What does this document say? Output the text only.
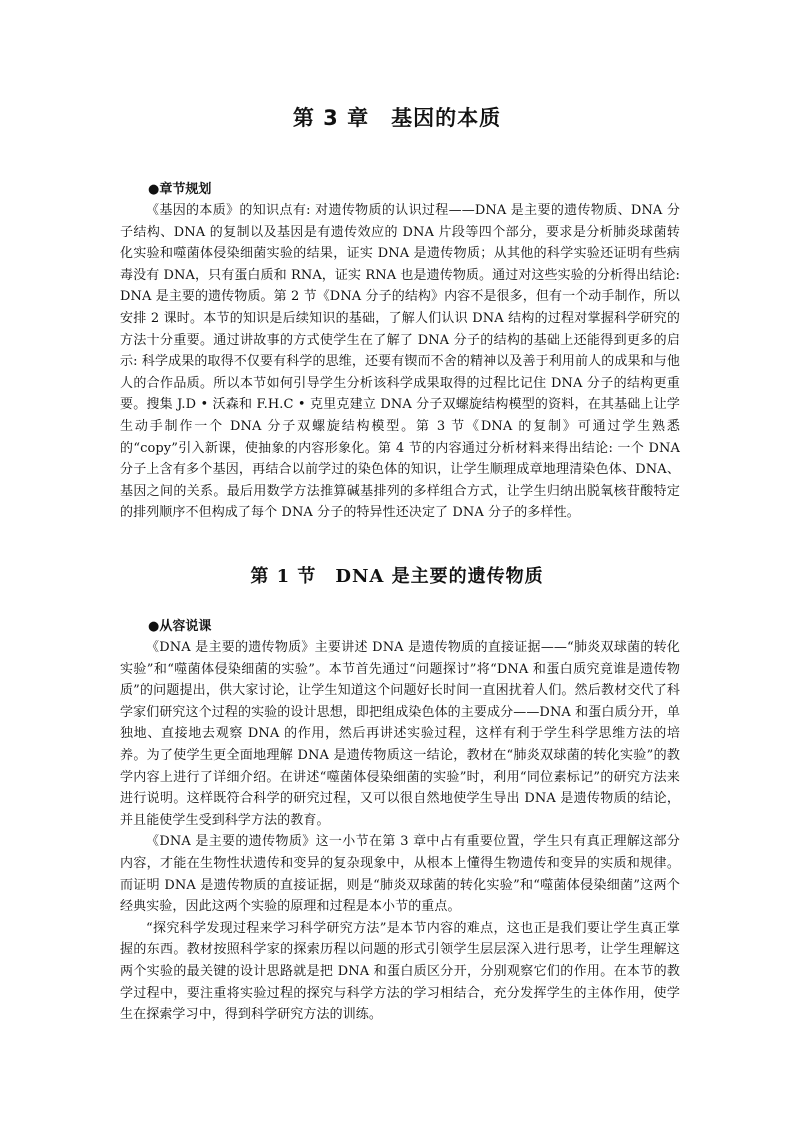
第 3 章　基因的本质

●章节规划

《基因的本质》的知识点有: 对遗传物质的认识过程——DNA 是主要的遗传物质、DNA 分子结构、DNA 的复制以及基因是有遗传效应的 DNA 片段等四个部分，要求是分析肺炎球菌转化实验和噬菌体侵染细菌实验的结果，证实 DNA 是遗传物质；从其他的科学实验还证明有些病毒没有 DNA，只有蛋白质和 RNA，证实 RNA 也是遗传物质。通过对这些实验的分析得出结论: DNA 是主要的遗传物质。第 2 节《DNA 分子的结构》内容不是很多，但有一个动手制作，所以安排 2 课时。本节的知识是后续知识的基础，了解人们认识 DNA 结构的过程对掌握科学研究的方法十分重要。通过讲故事的方式使学生在了解了 DNA 分子的结构的基础上还能得到更多的启示: 科学成果的取得不仅要有科学的思维，还要有锲而不舍的精神以及善于利用前人的成果和与他人的合作品质。所以本节如何引导学生分析该科学成果取得的过程比记住 DNA 分子的结构更重要。搜集 J.D • 沃森和 F.H.C • 克里克建立 DNA 分子双螺旋结构模型的资料，在其基础上让学生动手制作一个 DNA 分子双螺旋结构模型。第 3 节《DNA 的复制》可通过学生熟悉的“copy”引入新课，使抽象的内容形象化。第 4 节的内容通过分析材料来得出结论: 一个 DNA 分子上含有多个基因，再结合以前学过的染色体的知识，让学生顺理成章地理清染色体、DNA、基因之间的关系。最后用数学方法推算碱基排列的多样组合方式，让学生归纳出脱氧核苷酸特定的排列顺序不但构成了每个 DNA 分子的特异性还决定了 DNA 分子的多样性。

第 1 节　DNA 是主要的遗传物质

●从容说课

《DNA 是主要的遗传物质》主要讲述 DNA 是遗传物质的直接证据——“肺炎双球菌的转化实验”和“噬菌体侵染细菌的实验”。本节首先通过“问题探讨”将“DNA 和蛋白质究竟谁是遗传物质”的问题提出，供大家讨论，让学生知道这个问题好长时间一直困扰着人们。然后教材交代了科学家们研究这个过程的实验的设计思想，即把组成染色体的主要成分——DNA 和蛋白质分开，单独地、直接地去观察 DNA 的作用，然后再讲述实验过程，这样有利于学生科学思维方法的培养。为了使学生更全面地理解 DNA 是遗传物质这一结论，教材在“肺炎双球菌的转化实验”的教学内容上进行了详细介绍。在讲述“噬菌体侵染细菌的实验”时，利用“同位素标记”的研究方法来进行说明。这样既符合科学的研究过程，又可以很自然地使学生导出 DNA 是遗传物质的结论，并且能使学生受到科学方法的教育。

《DNA 是主要的遗传物质》这一小节在第 3 章中占有重要位置，学生只有真正理解这部分内容，才能在生物性状遗传和变异的复杂现象中，从根本上懂得生物遗传和变异的实质和规律。而证明 DNA 是遗传物质的直接证据，则是“肺炎双球菌的转化实验”和“噬菌体侵染细菌”这两个经典实验，因此这两个实验的原理和过程是本小节的重点。

“探究科学发现过程来学习科学研究方法”是本节内容的难点，这也正是我们要让学生真正掌握的东西。教材按照科学家的探索历程以问题的形式引领学生层层深入进行思考，让学生理解这两个实验的最关键的设计思路就是把 DNA 和蛋白质区分开，分别观察它们的作用。在本节的教学过程中，要注重将实验过程的探究与科学方法的学习相结合，充分发挥学生的主体作用，使学生在探索学习中，得到科学研究方法的训练。
